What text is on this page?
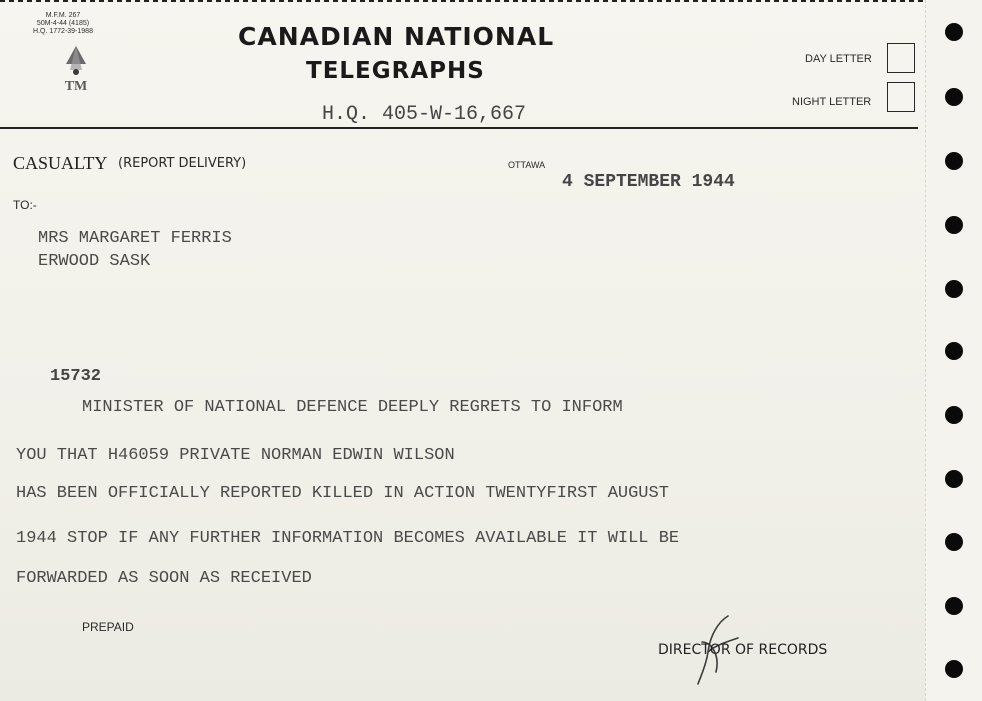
M.F.M. 267
50M-4-44 (4185)
H.Q. 1772-39-1988
TM
CANADIAN NATIONAL
TELEGRAPHS
H.Q. 405-W-16,667
DAY LETTER
NIGHT LETTER
CASUALTY (REPORT DELIVERY)	OTTAWA
4 SEPTEMBER 1944
TO:-
MRS MARGARET FERRIS
ERWOOD SASK
15732
MINISTER OF NATIONAL DEFENCE DEEPLY REGRETS TO INFORM
YOU THAT H46059 PRIVATE NORMAN EDWIN WILSON
HAS BEEN OFFICIALLY REPORTED KILLED IN ACTION TWENTYFIRST AUGUST
1944 STOP IF ANY FURTHER INFORMATION BECOMES AVAILABLE IT WILL BE
FORWARDED AS SOON AS RECEIVED
PREPAID
DIRECTOR OF RECORDS
